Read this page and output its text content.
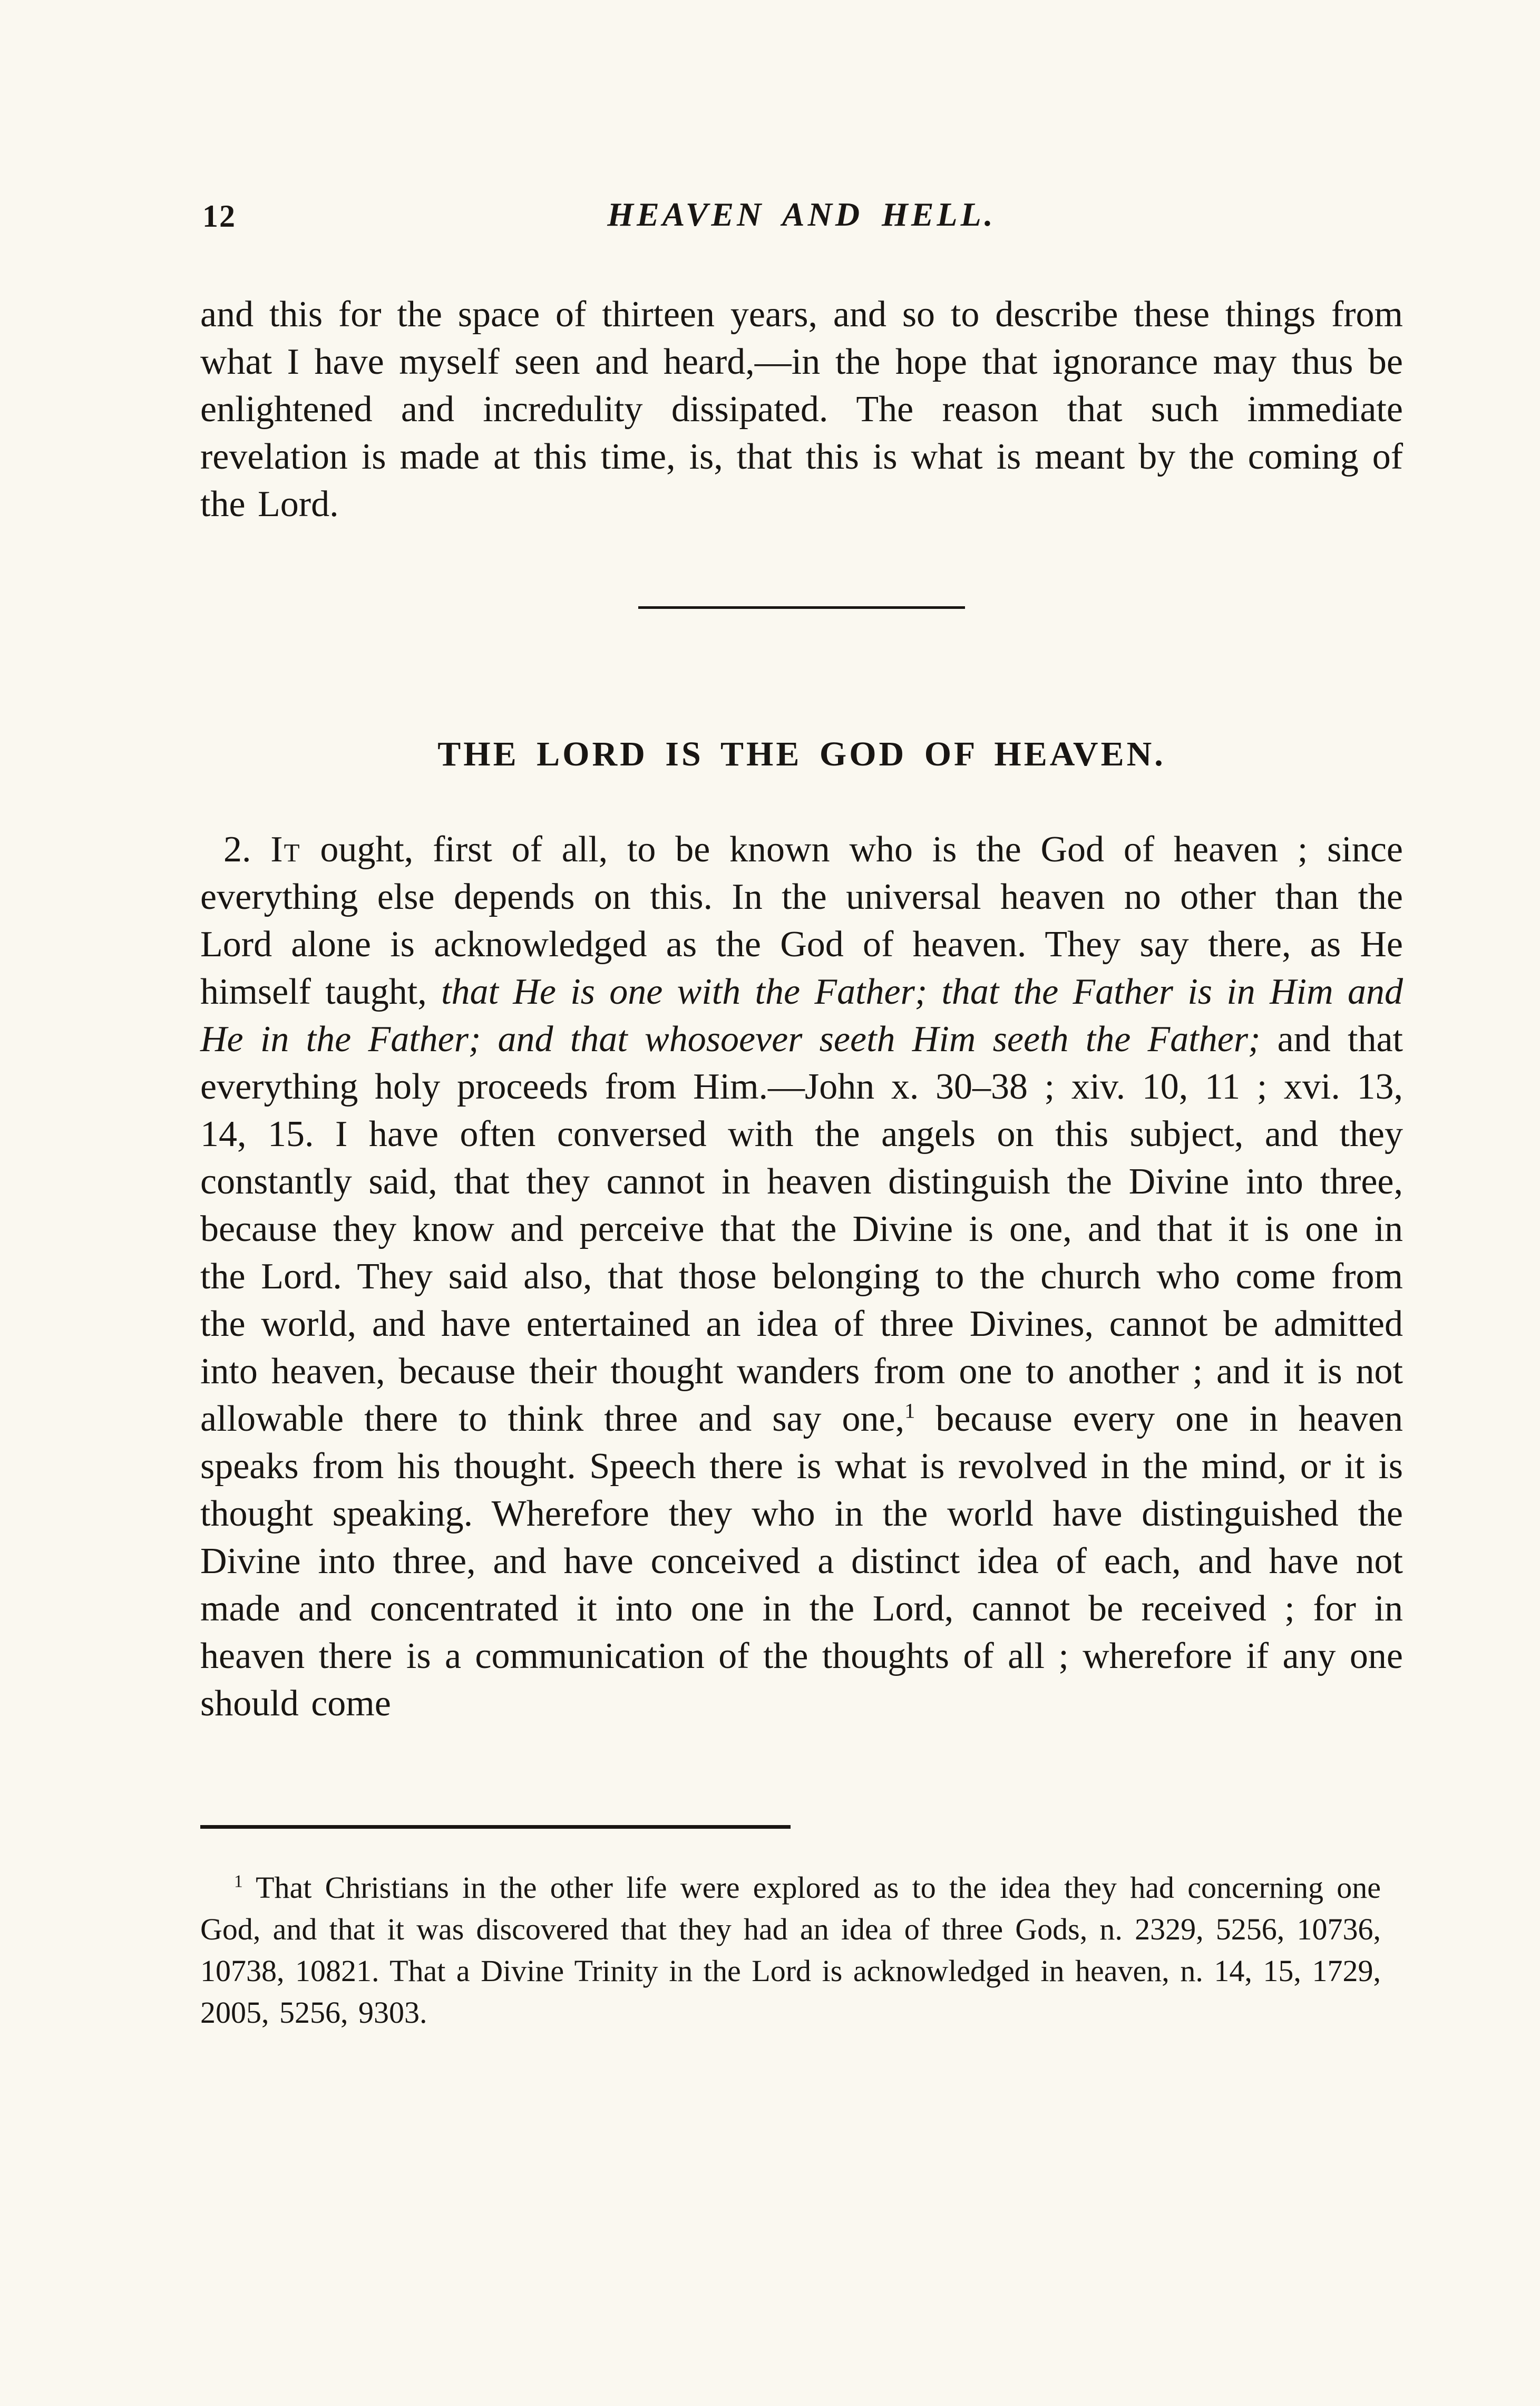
12	HEAVEN AND HELL.

and this for the space of thirteen years, and so to describe these things from what I have myself seen and heard,—in the hope that ignorance may thus be enlightened and incredulity dissipated. The reason that such immediate revelation is made at this time, is, that this is what is meant by the coming of the Lord.

THE LORD IS THE GOD OF HEAVEN.

2. It ought, first of all, to be known who is the God of heaven ; since everything else depends on this. In the universal heaven no other than the Lord alone is acknowledged as the God of heaven. They say there, as He himself taught, that He is one with the Father; that the Father is in Him and He in the Father; and that whosoever seeth Him seeth the Father; and that everything holy proceeds from Him.—John x. 30–38 ; xiv. 10, 11 ; xvi. 13, 14, 15. I have often conversed with the angels on this subject, and they constantly said, that they cannot in heaven distinguish the Divine into three, because they know and perceive that the Divine is one, and that it is one in the Lord. They said also, that those belonging to the church who come from the world, and have entertained an idea of three Divines, cannot be admitted into heaven, because their thought wanders from one to another ; and it is not allowable there to think three and say one,$^1$ because every one in heaven speaks from his thought. Speech there is what is revolved in the mind, or it is thought speaking. Wherefore they who in the world have distinguished the Divine into three, and have conceived a distinct idea of each, and have not made and concentrated it into one in the Lord, cannot be received ; for in heaven there is a communication of the thoughts of all ; wherefore if any one should come

$^1$ That Christians in the other life were explored as to the idea they had concerning one God, and that it was discovered that they had an idea of three Gods, n. 2329, 5256, 10736, 10738, 10821. That a Divine Trinity in the Lord is acknowledged in heaven, n. 14, 15, 1729, 2005, 5256, 9303.
